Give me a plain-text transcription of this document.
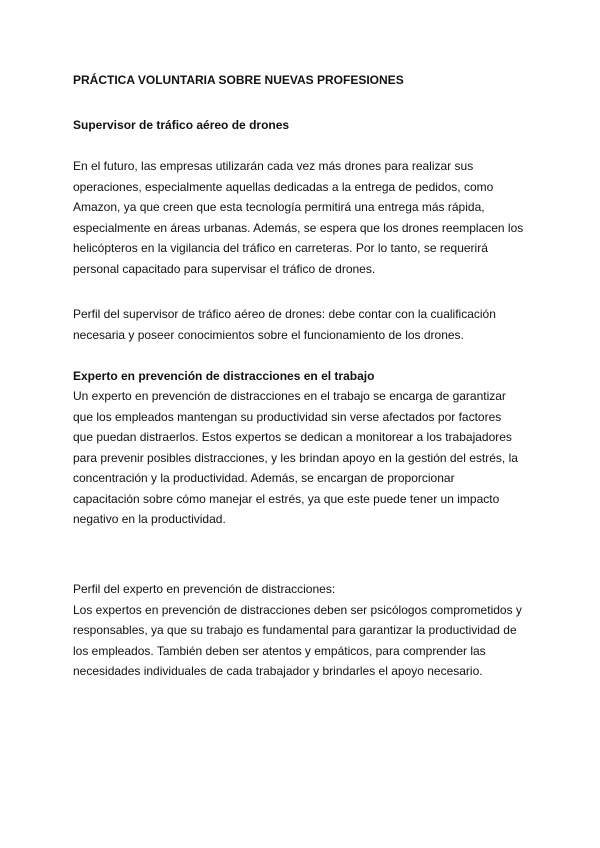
PRÁCTICA VOLUNTARIA SOBRE NUEVAS PROFESIONES
Supervisor de tráfico aéreo de drones
En el futuro, las empresas utilizarán cada vez más drones para realizar sus
operaciones, especialmente aquellas dedicadas a la entrega de pedidos, como
Amazon, ya que creen que esta tecnología permitirá una entrega más rápida,
especialmente en áreas urbanas. Además, se espera que los drones reemplacen los
helicópteros en la vigilancia del tráfico en carreteras. Por lo tanto, se requerirá
personal capacitado para supervisar el tráfico de drones.
Perfil del supervisor de tráfico aéreo de drones: debe contar con la cualificación
necesaria y poseer conocimientos sobre el funcionamiento de los drones.
Experto en prevención de distracciones en el trabajo
Un experto en prevención de distracciones en el trabajo se encarga de garantizar
que los empleados mantengan su productividad sin verse afectados por factores
que puedan distraerlos. Estos expertos se dedican a monitorear a los trabajadores
para prevenir posibles distracciones, y les brindan apoyo en la gestión del estrés, la
concentración y la productividad. Además, se encargan de proporcionar
capacitación sobre cómo manejar el estrés, ya que este puede tener un impacto
negativo en la productividad.
Perfil del experto en prevención de distracciones:
Los expertos en prevención de distracciones deben ser psicólogos comprometidos y
responsables, ya que su trabajo es fundamental para garantizar la productividad de
los empleados. También deben ser atentos y empáticos, para comprender las
necesidades individuales de cada trabajador y brindarles el apoyo necesario.
